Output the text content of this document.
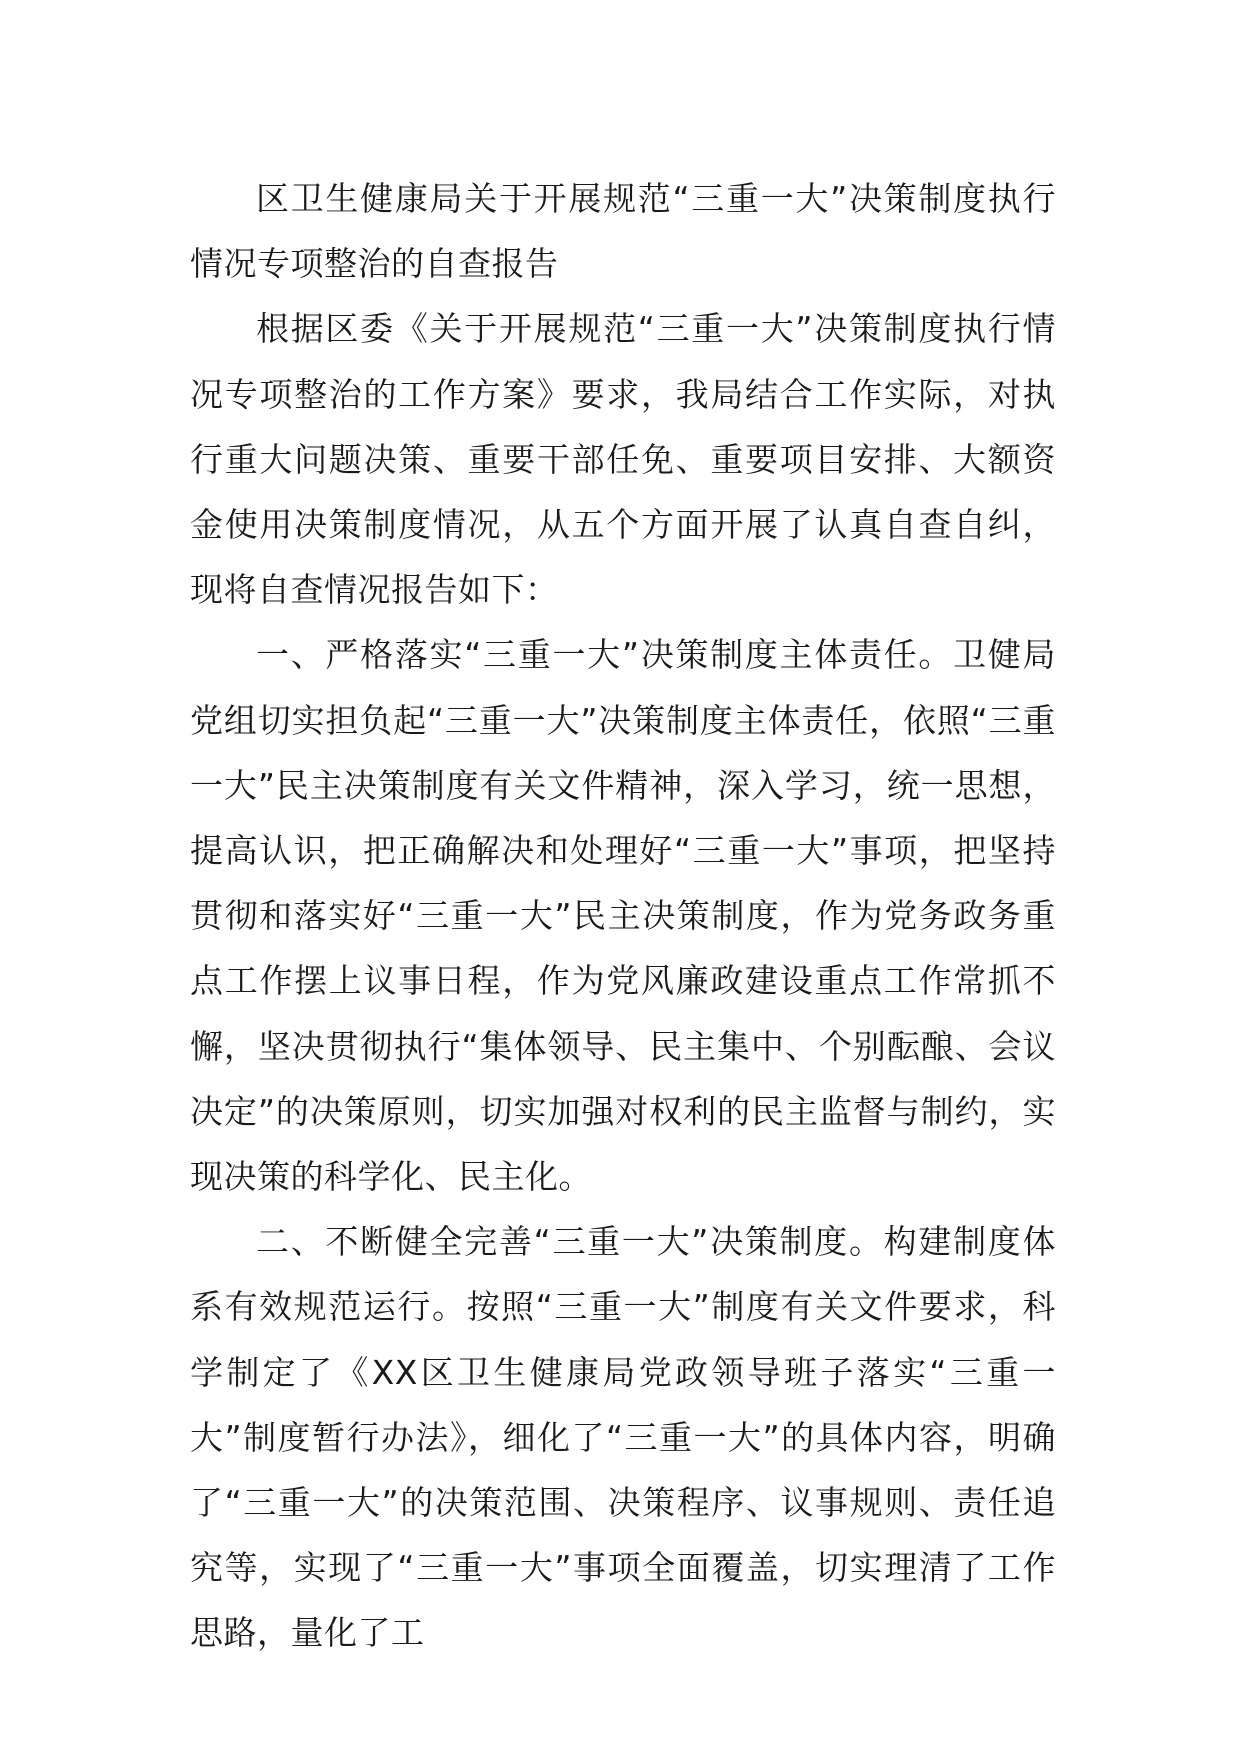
区卫生健康局关于开展规范“三重一大”决策制度执行情况专项整治的自查报告

根据区委《关于开展规范“三重一大”决策制度执行情况专项整治的工作方案》要求，我局结合工作实际，对执行重大问题决策、重要干部任免、重要项目安排、大额资金使用决策制度情况，从五个方面开展了认真自查自纠，现将自查情况报告如下：

一、严格落实“三重一大”决策制度主体责任。卫健局党组切实担负起“三重一大”决策制度主体责任，依照“三重一大”民主决策制度有关文件精神，深入学习，统一思想，提高认识，把正确解决和处理好“三重一大”事项，把坚持贯彻和落实好“三重一大”民主决策制度，作为党务政务重点工作摆上议事日程，作为党风廉政建设重点工作常抓不懈，坚决贯彻执行“集体领导、民主集中、个别酝酿、会议决定”的决策原则，切实加强对权利的民主监督与制约，实现决策的科学化、民主化。

二、不断健全完善“三重一大”决策制度。构建制度体系有效规范运行。按照“三重一大”制度有关文件要求，科学制定了《XX区卫生健康局党政领导班子落实“三重一大”制度暂行办法》，细化了“三重一大”的具体内容，明确了“三重一大”的决策范围、决策程序、议事规则、责任追究等，实现了“三重一大”事项全面覆盖，切实理清了工作思路，量化了工
